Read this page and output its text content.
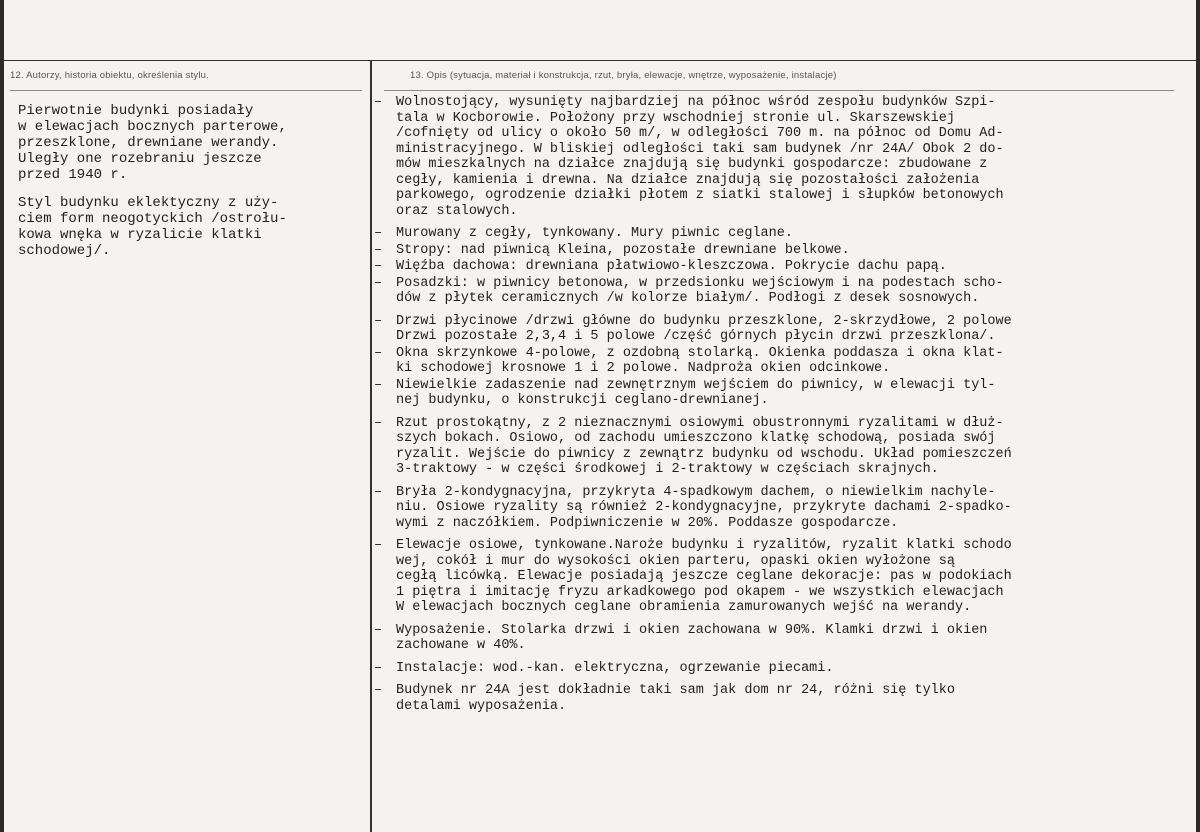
12. Autorzy, historia obiektu, określenia stylu.	13. Opis (sytuacja, materiał i konstrukcja, rzut, bryła, elewacje, wnętrze, wyposażenie, instalacje)

Pierwotnie budynki posiadały
w elewacjach bocznych parterowe,
przeszklone, drewniane werandy.
Uległy one rozebraniu jeszcze
przed 1940 r.

Styl budynku eklektyczny z uży-
ciem form neogotyckich /ostrołu-
kowa wnęka w ryzalicie klatki
schodowej/.

– Wolnostojący, wysunięty najbardziej na północ wśród zespołu budynków Szpi-
tala w Kocborowie. Położony przy wschodniej stronie ul. Skarszewskiej
/cofnięty od ulicy o około 50 m/, w odległości 700 m. na północ od Domu Ad-
ministracyjnego. W bliskiej odległości taki sam budynek /nr 24A/ Obok 2 do-
mów mieszkalnych na działce znajdują się budynki gospodarcze: zbudowane z
cegły, kamienia i drewna. Na działce znajdują się pozostałości założenia
parkowego, ogrodzenie działki płotem z siatki stalowej i słupków betonowych
oraz stalowych.
– Murowany z cegły, tynkowany. Mury piwnic ceglane.
– Stropy: nad piwnicą Kleina, pozostałe drewniane belkowe.
– Więźba dachowa: drewniana płatwiowo-kleszczowa. Pokrycie dachu papą.
– Posadzki: w piwnicy betonowa, w przedsionku wejściowym i na podestach scho-
dów z płytek ceramicznych /w kolorze białym/. Podłogi z desek sosnowych.
– Drzwi płycinowe /drzwi główne do budynku przeszklone, 2-skrzydłowe, 2 polowe
Drzwi pozostałe 2,3,4 i 5 polowe /część górnych płycin drzwi przeszklona/.
– Okna skrzynkowe 4-polowe, z ozdobną stolarką. Okienka poddasza i okna klat-
ki schodowej krosnowe 1 i 2 polowe. Nadproża okien odcinkowe.
– Niewielkie zadaszenie nad zewnętrznym wejściem do piwnicy, w elewacji tyl-
nej budynku, o konstrukcji ceglano-drewnianej.
– Rzut prostokątny, z 2 nieznacznymi osiowymi obustronnymi ryzalitami w dłuż-
szych bokach. Osiowo, od zachodu umieszczono klatkę schodową, posiada swój
ryzalit. Wejście do piwnicy z zewnątrz budynku od wschodu. Układ pomieszczeń
3-traktowy - w części środkowej i 2-traktowy w częściach skrajnych.
– Bryła 2-kondygnacyjna, przykryta 4-spadkowym dachem, o niewielkim nachyle-
niu. Osiowe ryzality są również 2-kondygnacyjne, przykryte dachami 2-spadko-
wymi z naczółkiem. Podpiwniczenie w 20%. Poddasze gospodarcze.
– Elewacje osiowe, tynkowane.Naroże budynku i ryzalitów, ryzalit klatki schodo
wej, cokół i mur do wysokości okien parteru, opaski okien wyłożone są
cegłą licówką. Elewacje posiadają jeszcze ceglane dekoracje: pas w podokiach
1 piętra i imitację fryzu arkadkowego pod okapem - we wszystkich elewacjach
W elewacjach bocznych ceglane obramienia zamurowanych wejść na werandy.
– Wyposażenie. Stolarka drzwi i okien zachowana w 90%. Klamki drzwi i okien
zachowane w 40%.
– Instalacje: wod.-kan. elektryczna, ogrzewanie piecami.
– Budynek nr 24A jest dokładnie taki sam jak dom nr 24, różni się tylko
detalami wyposażenia.
